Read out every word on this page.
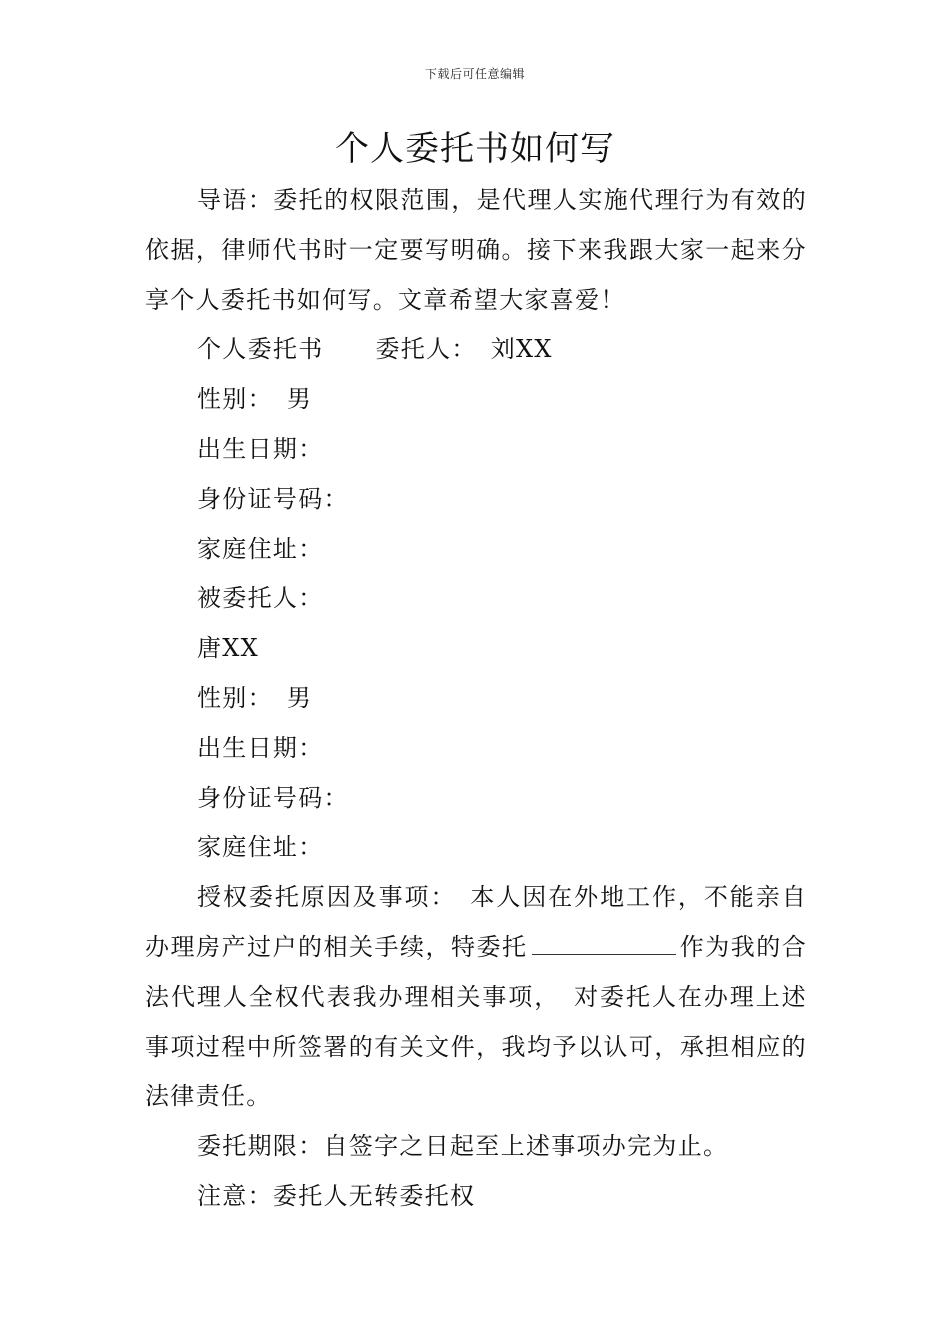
下载后可任意编辑
个人委托书如何写

导语：委托的权限范围，是代理人实施代理行为有效的依据，律师代书时一定要写明确。接下来我跟大家一起来分享个人委托书如何写。文章希望大家喜爱！

个人委托书 委托人： 刘XX

性别： 男

出生日期：

身份证号码：

家庭住址：

被委托人：

唐XX

性别： 男

出生日期：

身份证号码：

家庭住址：

授权委托原因及事项：　本人因在外地工作，不能亲自办理房产过户的相关手续，特委托	作为我的合法代理人全权代表我办理相关事项，　对委托人在办理上述事项过程中所签署的有关文件，我均予以认可，承担相应的法律责任。

委托期限：自签字之日起至上述事项办完为止。

注意：委托人无转委托权
